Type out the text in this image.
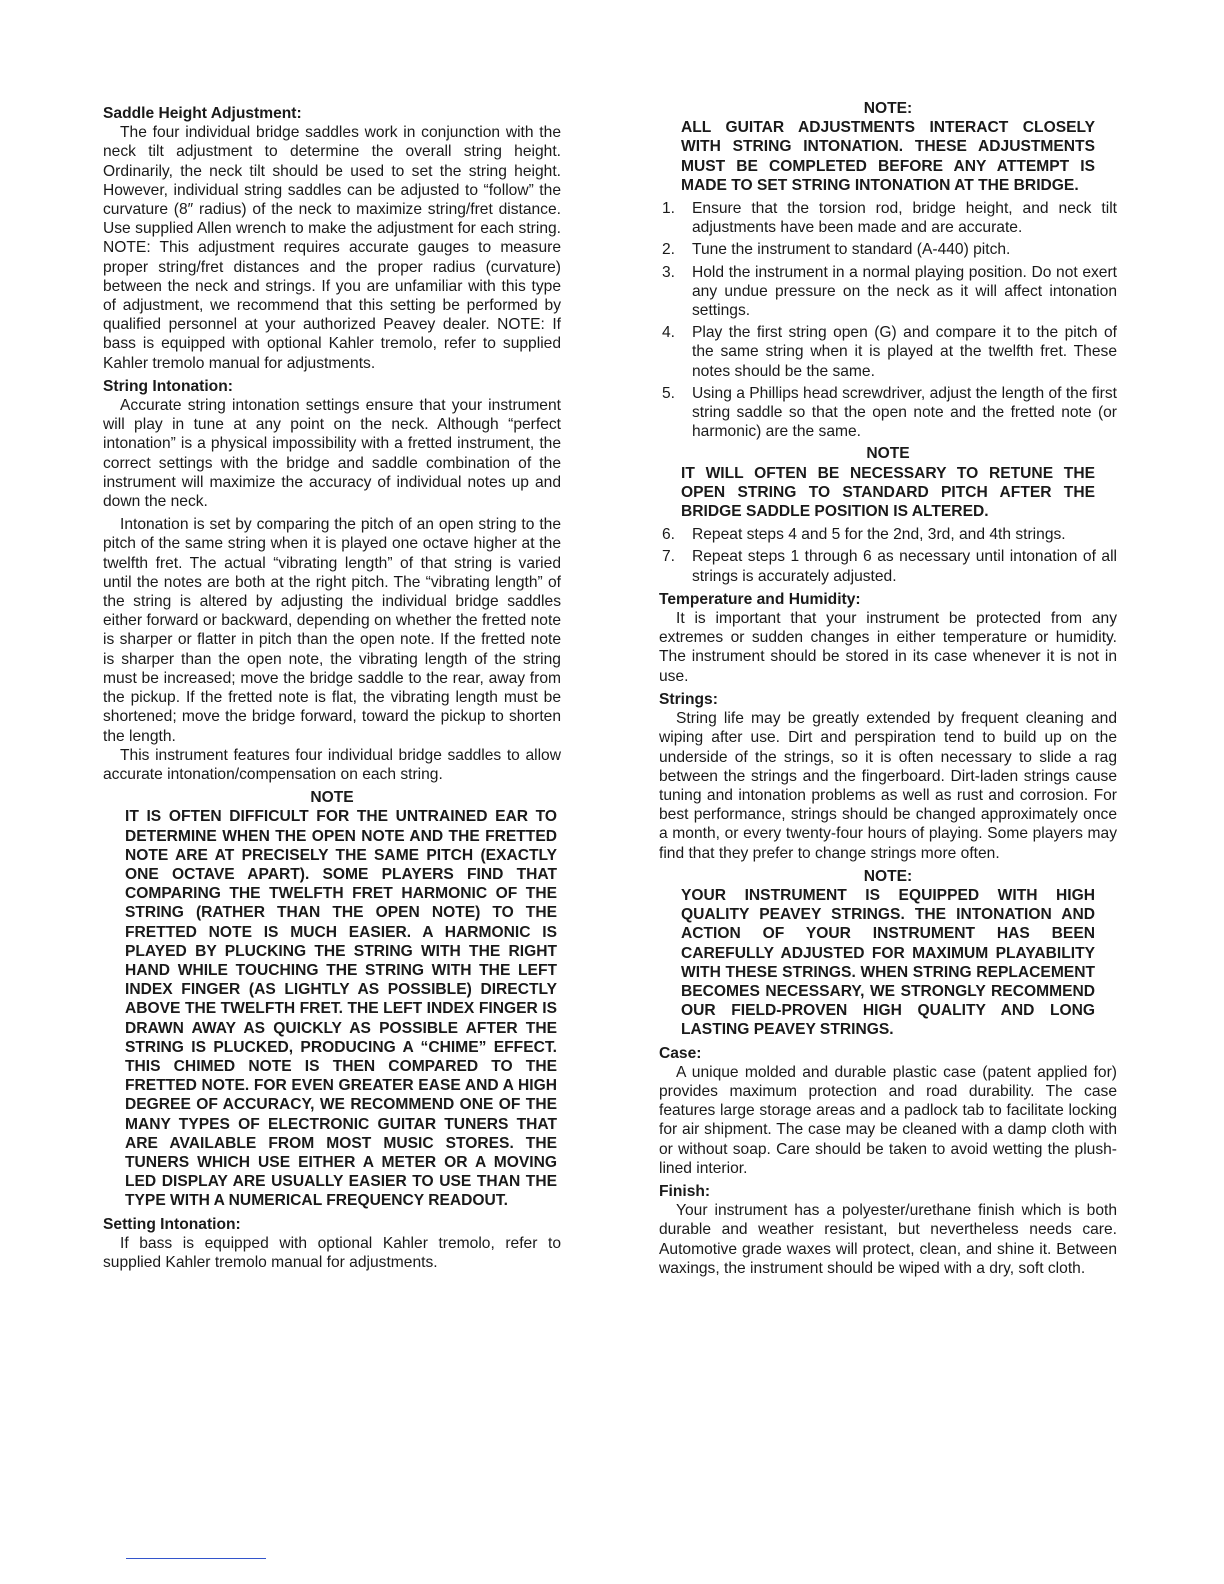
Saddle Height Adjustment:

The four individual bridge saddles work in conjunction with the neck tilt adjustment to determine the overall string height. Ordinarily, the neck tilt should be used to set the string height. However, individual string saddles can be adjusted to “follow” the curvature (8″ radius) of the neck to maximize string/fret distance. Use supplied Allen wrench to make the adjustment for each string. NOTE: This adjustment requires accurate gauges to measure proper string/fret distances and the proper radius (curvature) between the neck and strings. If you are unfamiliar with this type of adjustment, we recommend that this setting be performed by qualified personnel at your authorized Peavey dealer. NOTE: If bass is equipped with optional Kahler tremolo, refer to supplied Kahler tremolo manual for adjustments.

String Intonation:

Accurate string intonation settings ensure that your instrument will play in tune at any point on the neck. Although “perfect intonation” is a physical impossibility with a fretted instrument, the correct settings with the bridge and saddle combination of the instrument will maximize the accuracy of individual notes up and down the neck.

Intonation is set by comparing the pitch of an open string to the pitch of the same string when it is played one octave higher at the twelfth fret. The actual “vibrating length” of that string is varied until the notes are both at the right pitch. The “vibrating length” of the string is altered by adjusting the individual bridge saddles either forward or backward, depending on whether the fretted note is sharper or flatter in pitch than the open note. If the fretted note is sharper than the open note, the vibrating length of the string must be increased; move the bridge saddle to the rear, away from the pickup. If the fretted note is flat, the vibrating length must be shortened; move the bridge forward, toward the pickup to shorten the length.

This instrument features four individual bridge saddles to allow accurate intonation/compensation on each string.

NOTE

IT IS OFTEN DIFFICULT FOR THE UNTRAINED EAR TO DETERMINE WHEN THE OPEN NOTE AND THE FRETTED NOTE ARE AT PRECISELY THE SAME PITCH (EXACTLY ONE OCTAVE APART). SOME PLAYERS FIND THAT COMPARING THE TWELFTH FRET HARMONIC OF THE STRING (RATHER THAN THE OPEN NOTE) TO THE FRETTED NOTE IS MUCH EASIER. A HARMONIC IS PLAYED BY PLUCKING THE STRING WITH THE RIGHT HAND WHILE TOUCHING THE STRING WITH THE LEFT INDEX FINGER (AS LIGHTLY AS POSSIBLE) DIRECTLY ABOVE THE TWELFTH FRET. THE LEFT INDEX FINGER IS DRAWN AWAY AS QUICKLY AS POSSIBLE AFTER THE STRING IS PLUCKED, PRODUCING A “CHIME” EFFECT. THIS CHIMED NOTE IS THEN COMPARED TO THE FRETTED NOTE. FOR EVEN GREATER EASE AND A HIGH DEGREE OF ACCURACY, WE RECOMMEND ONE OF THE MANY TYPES OF ELECTRONIC GUITAR TUNERS THAT ARE AVAILABLE FROM MOST MUSIC STORES. THE TUNERS WHICH USE EITHER A METER OR A MOVING LED DISPLAY ARE USUALLY EASIER TO USE THAN THE TYPE WITH A NUMERICAL FREQUENCY READOUT.

Setting Intonation:

If bass is equipped with optional Kahler tremolo, refer to supplied Kahler tremolo manual for adjustments.

NOTE:

ALL GUITAR ADJUSTMENTS INTERACT CLOSELY WITH STRING INTONATION. THESE ADJUSTMENTS MUST BE COMPLETED BEFORE ANY ATTEMPT IS MADE TO SET STRING INTONATION AT THE BRIDGE.

1. Ensure that the torsion rod, bridge height, and neck tilt adjustments have been made and are accurate.
2. Tune the instrument to standard (A-440) pitch.
3. Hold the instrument in a normal playing position. Do not exert any undue pressure on the neck as it will affect intonation settings.
4. Play the first string open (G) and compare it to the pitch of the same string when it is played at the twelfth fret. These notes should be the same.
5. Using a Phillips head screwdriver, adjust the length of the first string saddle so that the open note and the fretted note (or harmonic) are the same.
NOTE

IT WILL OFTEN BE NECESSARY TO RETUNE THE OPEN STRING TO STANDARD PITCH AFTER THE BRIDGE SADDLE POSITION IS ALTERED.

6. Repeat steps 4 and 5 for the 2nd, 3rd, and 4th strings.
7. Repeat steps 1 through 6 as necessary until intonation of all strings is accurately adjusted.
Temperature and Humidity:

It is important that your instrument be protected from any extremes or sudden changes in either temperature or humidity. The instrument should be stored in its case whenever it is not in use.

Strings:

String life may be greatly extended by frequent cleaning and wiping after use. Dirt and perspiration tend to build up on the underside of the strings, so it is often necessary to slide a rag between the strings and the fingerboard. Dirt-laden strings cause tuning and intonation problems as well as rust and corrosion. For best performance, strings should be changed approximately once a month, or every twenty-four hours of playing. Some players may find that they prefer to change strings more often.

NOTE:

YOUR INSTRUMENT IS EQUIPPED WITH HIGH QUALITY PEAVEY STRINGS. THE INTONATION AND ACTION OF YOUR INSTRUMENT HAS BEEN CAREFULLY ADJUSTED FOR MAXIMUM PLAYABILITY WITH THESE STRINGS. WHEN STRING REPLACEMENT BECOMES NECESSARY, WE STRONGLY RECOMMEND OUR FIELD-PROVEN HIGH QUALITY AND LONG LASTING PEAVEY STRINGS.

Case:

A unique molded and durable plastic case (patent applied for) provides maximum protection and road durability. The case features large storage areas and a padlock tab to facilitate locking for air shipment. The case may be cleaned with a damp cloth with or without soap. Care should be taken to avoid wetting the plush-lined interior.

Finish:

Your instrument has a polyester/urethane finish which is both durable and weather resistant, but nevertheless needs care. Automotive grade waxes will protect, clean, and shine it. Between waxings, the instrument should be wiped with a dry, soft cloth.
